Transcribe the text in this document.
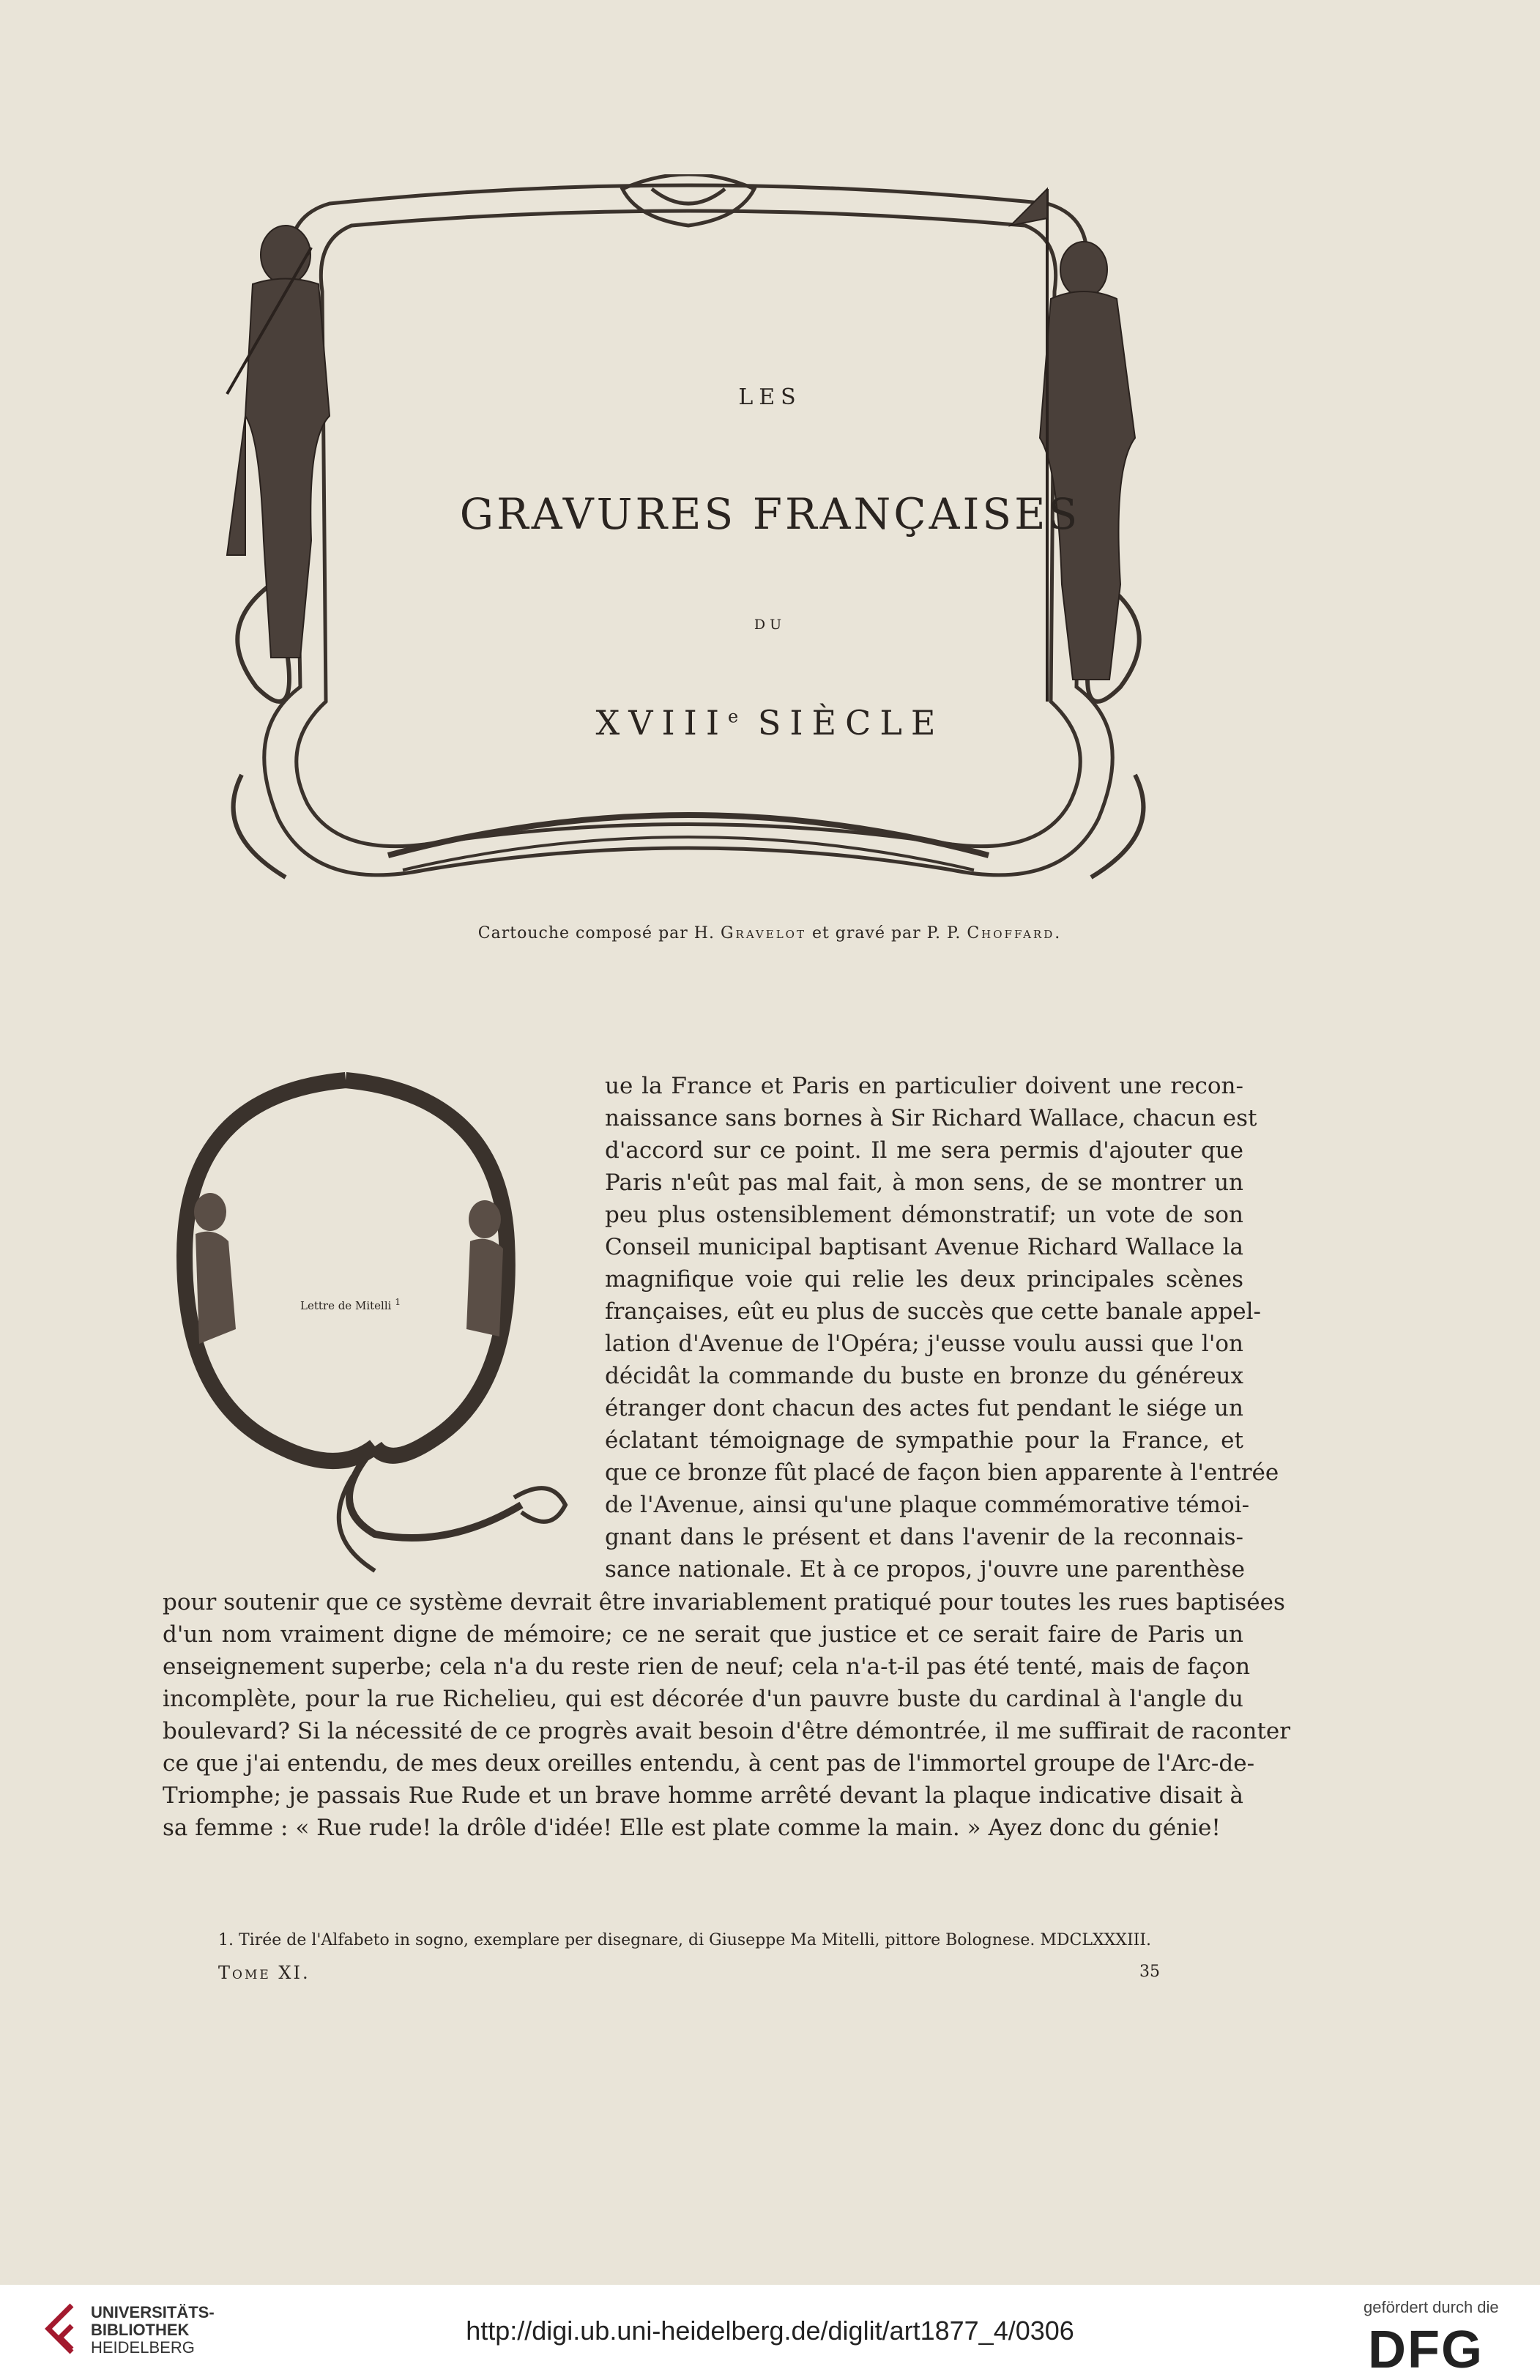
LES
GRAVURES FRANÇAISES
DU
XVIIIe SIÈCLE
Cartouche composé par H. Gravelot et gravé par P. P. Choffard.
Lettre de Mitelli $^1$
ue la France et Paris en particulier doivent une recon-
naissance sans bornes à Sir Richard Wallace, chacun est
d'accord sur ce point. Il me sera permis d'ajouter que
Paris n'eût pas mal fait, à mon sens, de se montrer un
peu plus ostensiblement démonstratif; un vote de son
Conseil municipal baptisant Avenue Richard Wallace la
magnifique voie qui relie les deux principales scènes
françaises, eût eu plus de succès que cette banale appel-
lation d'Avenue de l'Opéra; j'eusse voulu aussi que l'on
décidât la commande du buste en bronze du généreux
étranger dont chacun des actes fut pendant le siége un
éclatant témoignage de sympathie pour la France, et
que ce bronze fût placé de façon bien apparente à l'entrée
de l'Avenue, ainsi qu'une plaque commémorative témoi-
gnant dans le présent et dans l'avenir de la reconnais-
sance nationale. Et à ce propos, j'ouvre une parenthèse
pour soutenir que ce système devrait être invariablement pratiqué pour toutes les rues baptisées
d'un nom vraiment digne de mémoire; ce ne serait que justice et ce serait faire de Paris un
enseignement superbe; cela n'a du reste rien de neuf; cela n'a-t-il pas été tenté, mais de façon
incomplète, pour la rue Richelieu, qui est décorée d'un pauvre buste du cardinal à l'angle du
boulevard? Si la nécessité de ce progrès avait besoin d'être démontrée, il me suffirait de raconter
ce que j'ai entendu, de mes deux oreilles entendu, à cent pas de l'immortel groupe de l'Arc-de-
Triomphe; je passais Rue Rude et un brave homme arrêté devant la plaque indicative disait à
sa femme : « Rue rude! la drôle d'idée! Elle est plate comme la main. » Ayez donc du génie!
1. Tirée de l'Alfabeto in sogno, exemplare per disegnare, di Giuseppe Ma Mitelli, pittore Bolognese. MDCLXXXIII.
Tome XI.	35
UNIVERSITÄTS-
BIBLIOTHEK
HEIDELBERG
http://digi.ub.uni-heidelberg.de/diglit/art1877_4/0306
gefördert durch die
DFG
